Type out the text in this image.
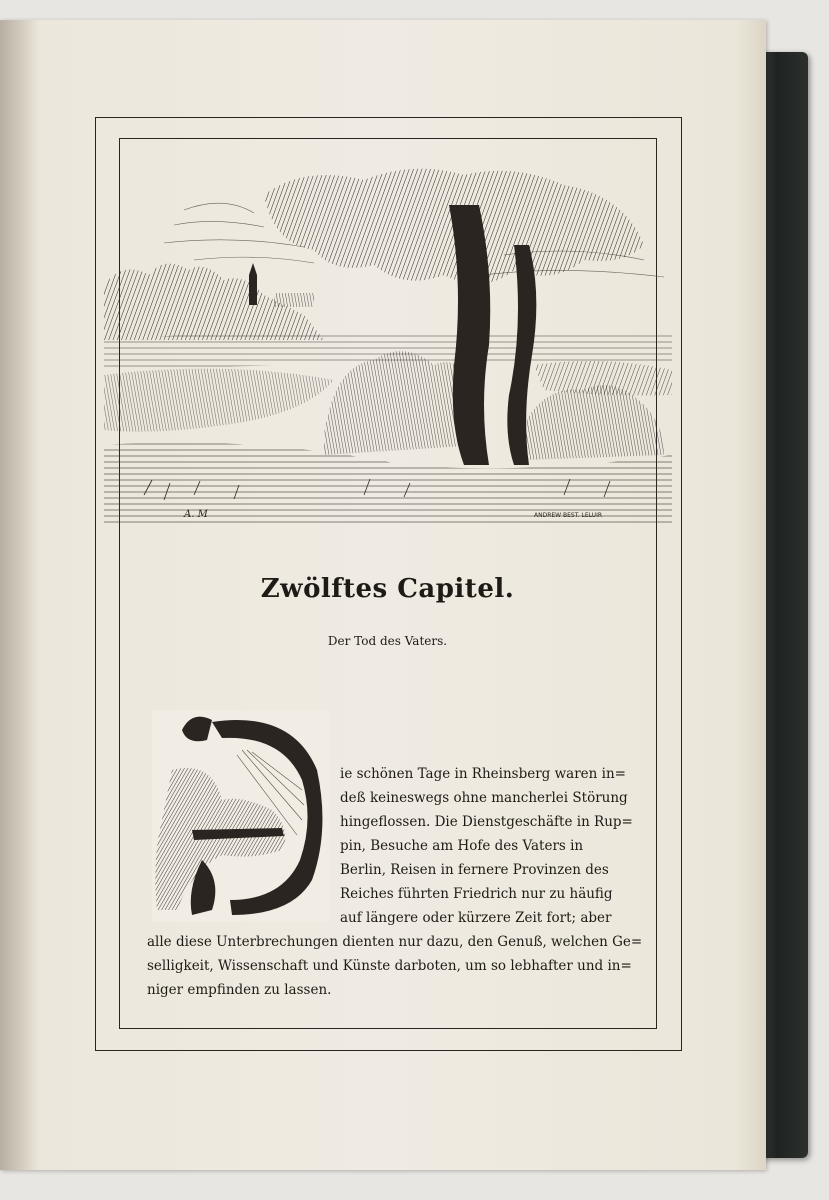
A. M	ANDREW BEST. LELUIR
Zwölftes Capitel.
Der Tod des Vaters.
ie schönen Tage in Rheinsberg waren in=
deß keineswegs ohne mancherlei Störung
hingeflossen. Die Dienstgeschäfte in Rup=
pin, Besuche am Hofe des Vaters in
Berlin, Reisen in fernere Provinzen des
Reiches führten Friedrich nur zu häufig
auf längere oder kürzere Zeit fort; aber
alle diese Unterbrechungen dienten nur dazu, den Genuß, welchen Ge=
selligkeit, Wissenschaft und Künste darboten, um so lebhafter und in=
niger empfinden zu lassen.
